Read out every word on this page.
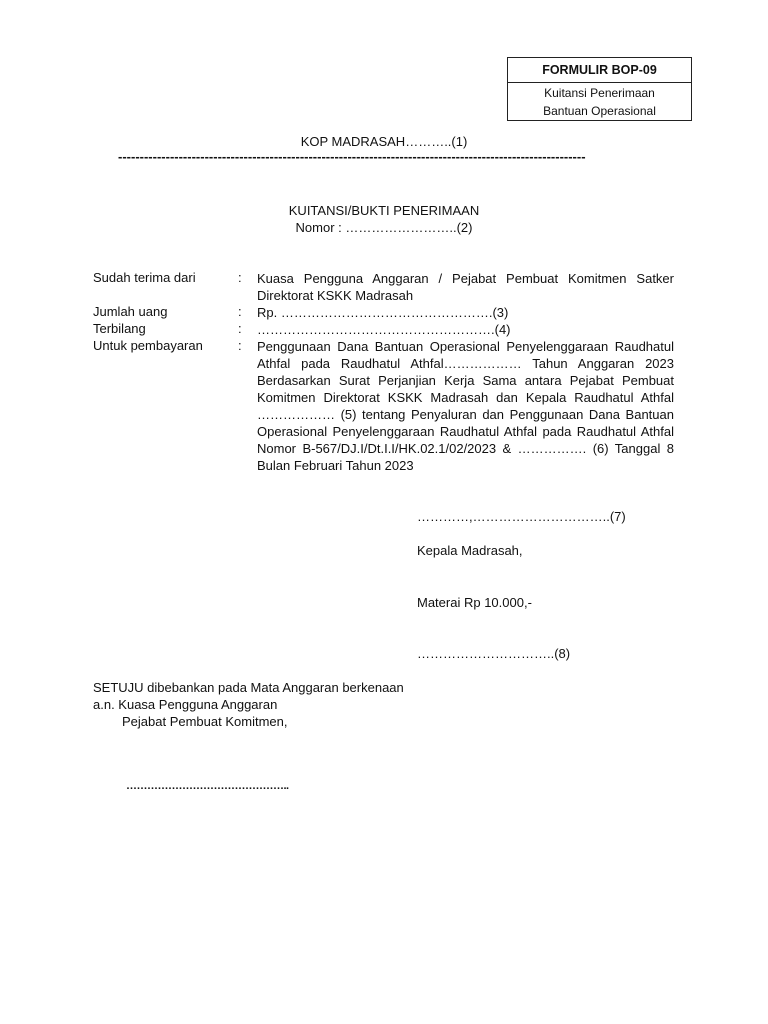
FORMULIR BOP-09
Kuitansi Penerimaan Bantuan Operasional
KOP MADRASAH………..(1)
------------------------------------------------------------------------------------------------------------
KUITANSI/BUKTI PENERIMAAN
Nomor : ……………………..(2)
Sudah terima dari	: Kuasa Pengguna Anggaran / Pejabat Pembuat Komitmen Satker Direktorat KSKK Madrasah
Jumlah uang	: Rp. ………………………………………….(3)
Terbilang	: ……………………………………………….(4)
Untuk pembayaran	: Penggunaan Dana Bantuan Operasional Penyelenggaraan Raudhatul Athfal pada Raudhatul Athfal……………… Tahun Anggaran 2023 Berdasarkan Surat Perjanjian Kerja Sama antara Pejabat Pembuat Komitmen Direktorat KSKK Madrasah dan Kepala Raudhatul Athfal ……………… (5) tentang Penyaluran dan Penggunaan Dana Bantuan Operasional Penyelenggaraan Raudhatul Athfal pada Raudhatul Athfal Nomor B-567/DJ.I/Dt.I.I/HK.02.1/02/2023 & ……………. (6) Tanggal 8 Bulan Februari Tahun 2023
…………,…………………………..(7)
Kepala Madrasah,
Materai Rp 10.000,-
…………………………..(8)
SETUJU dibebankan pada Mata Anggaran berkenaan
a.n. Kuasa Pengguna Anggaran
Pejabat Pembuat Komitmen,
………………………………………..
